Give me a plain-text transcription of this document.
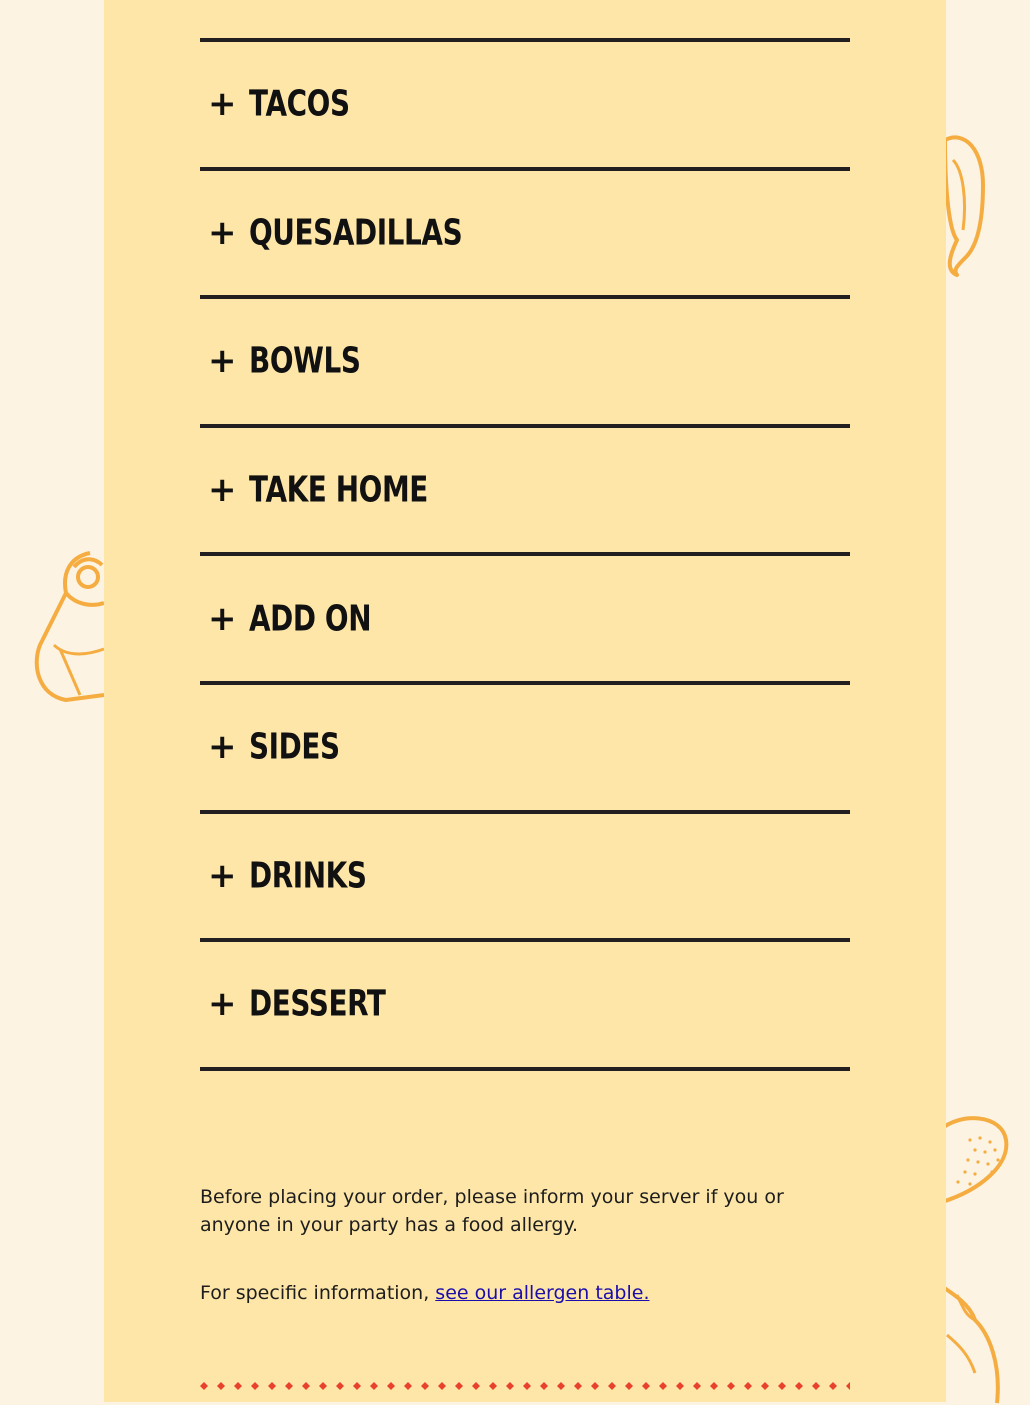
+ TACOS
+ QUESADILLAS
+ BOWLS
+ TAKE HOME
+ ADD ON
+ SIDES
+ DRINKS
+ DESSERT

Before placing your order, please inform your server if you or anyone in your party has a food allergy.

For specific information, see our allergen table.
